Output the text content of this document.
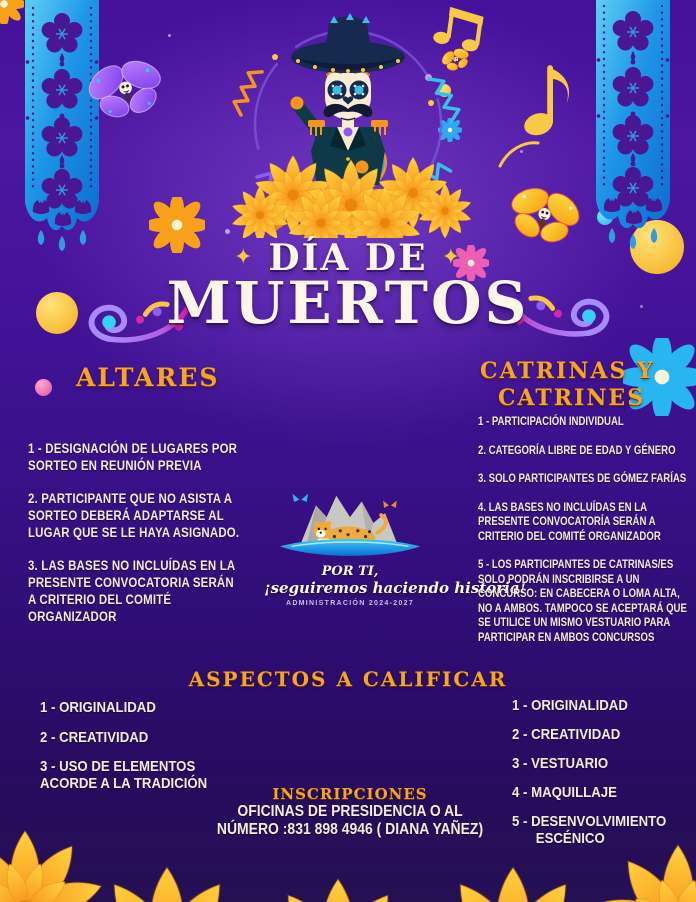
✦ DÍA DE ✦
MUERTOS
ALTARES
1 - DESIGNACIÓN DE LUGARES POR SORTEO EN REUNIÓN PREVIA
2. PARTICIPANTE QUE NO ASISTA A SORTEO DEBERÁ ADAPTARSE AL LUGAR QUE SE LE HAYA ASIGNADO.
3. LAS BASES NO INCLUÍDAS EN LA PRESENTE CONVOCATORIA SERÁN A CRITERIO DEL COMITÉ ORGANIZADOR
CATRINAS Y
CATRINES
1 - PARTICIPACIÓN INDIVIDUAL
2. CATEGORÍA LIBRE DE EDAD Y GÉNERO
3. SOLO PARTICIPANTES DE GÓMEZ FARÍAS
4. LAS BASES NO INCLUÍDAS EN LA PRESENTE CONVOCATORÍA SERÁN A CRITERIO DEL COMITÉ ORGANIZADOR
5 - LOS PARTICIPANTES DE CATRINAS/ES SOLO PODRÁN INSCRIBIRSE A UN CONCURSO: EN CABECERA O LOMA ALTA, NO A AMBOS. TAMPOCO SE ACEPTARÁ QUE SE UTILICE UN MISMO VESTUARIO PARA PARTICIPAR EN AMBOS CONCURSOS
POR TI,
¡seguiremos haciendo historia!
ADMINISTRACIÓN 2024-2027
ASPECTOS A CALIFICAR
1 - ORIGINALIDAD
2 - CREATIVIDAD
3 - USO DE ELEMENTOS ACORDE A LA TRADICIÓN
1 - ORIGINALIDAD
2 - CREATIVIDAD
3 - VESTUARIO
4 - MAQUILLAJE
5 - DESENVOLVIMIENTO ESCÉNICO
INSCRIPCIONES
OFICINAS DE PRESIDENCIA O AL
NÚMERO :831 898 4946 ( DIANA YAÑEZ)
